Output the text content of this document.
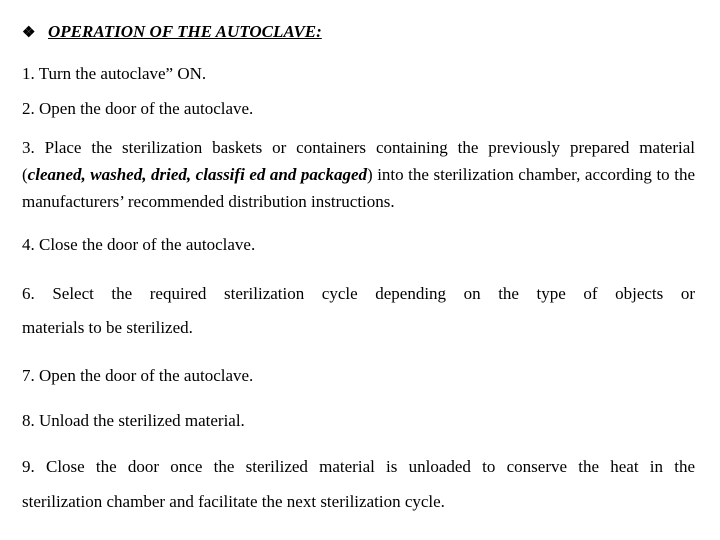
❖ OPERATION OF THE AUTOCLAVE:

1. Turn the autoclave” ON.

2. Open the door of the autoclave.

3. Place the sterilization baskets or containers containing the previously prepared material (cleaned, washed, dried, classifi ed and packaged) into the sterilization chamber, according to the manufacturers’ recommended distribution instructions.

4. Close the door of the autoclave.

6. Select the required sterilization cycle depending on the type of objects or

materials to be sterilized.

7. Open the door of the autoclave.

8. Unload the sterilized material.

9. Close the door once the sterilized material is unloaded to conserve the heat in the

sterilization chamber and facilitate the next sterilization cycle.
